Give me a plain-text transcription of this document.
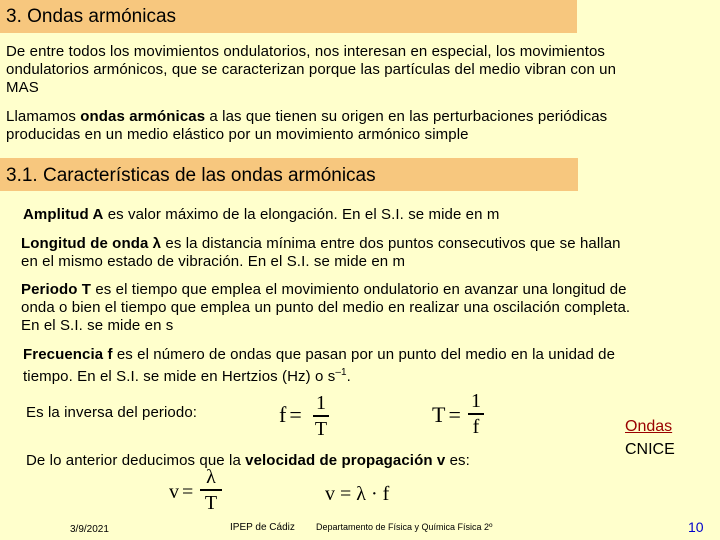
3. Ondas armónicas
De entre todos los movimientos ondulatorios, nos interesan en especial, los movimientos
ondulatorios armónicos, que se caracterizan porque las partículas del medio vibran con un
MAS
Llamamos ondas armónicas a las que tienen su origen en las perturbaciones periódicas
producidas en un medio elástico por un movimiento armónico simple
3.1. Características de las ondas armónicas
Amplitud A es valor máximo de la elongación. En el S.I. se mide en m
Longitud de onda λ es la distancia mínima entre dos puntos consecutivos que se hallan
en el mismo estado de vibración. En el S.I. se mide en m
Periodo T es el tiempo que emplea el movimiento ondulatorio en avanzar una longitud de
onda o bien el tiempo que emplea un punto del medio en realizar una oscilación completa.
En el S.I. se mide en s
Frecuencia f es el número de ondas que pasan por un punto del medio en la unidad de
tiempo. En el S.I. se mide en Hertzios (Hz) o $s^{-1}$.
Es la inversa del periodo:	f = 1
T
T =
1
f
De lo anterior deducimos que la velocidad de propagación v es:
v =
λ
T	v = λ · f
Ondas
CNICE
3/9/2021	IPEP de Cádiz Departamento de Física y Química Física 2º	10
